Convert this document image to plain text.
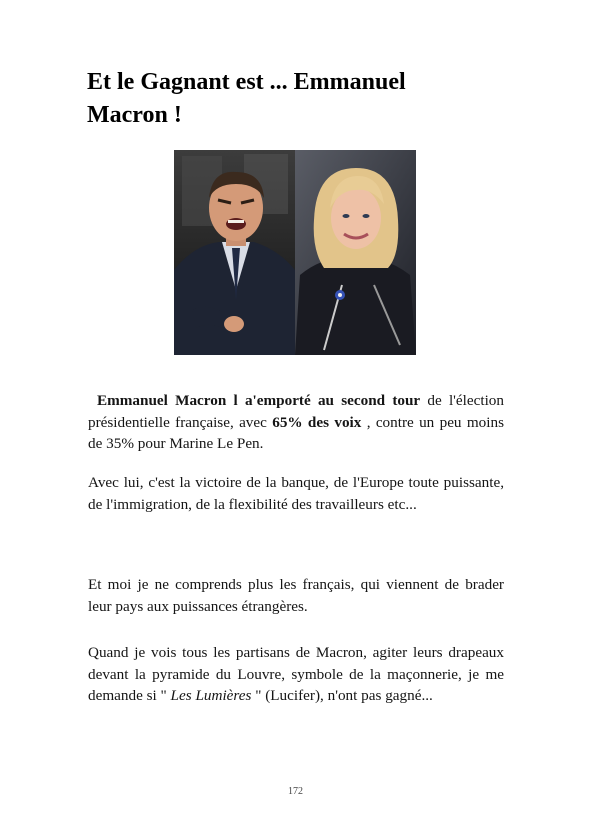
Et le Gagnant est ... Emmanuel Macron !

Emmanuel Macron l a'emporté au second tour de l'élection présidentielle française, avec 65% des voix , contre un peu moins de 35% pour Marine Le Pen.

Avec lui, c'est la victoire de la banque, de l'Europe toute puissante, de l'immigration, de la flexibilité des travailleurs etc...

Et moi je ne comprends plus les français, qui viennent de brader leur pays aux puissances étrangères.

Quand je vois tous les partisans de Macron, agiter leurs drapeaux devant la pyramide du Louvre, symbole de la maçonnerie, je me demande si " Les Lumières " (Lucifer), n'ont pas gagné...

172
